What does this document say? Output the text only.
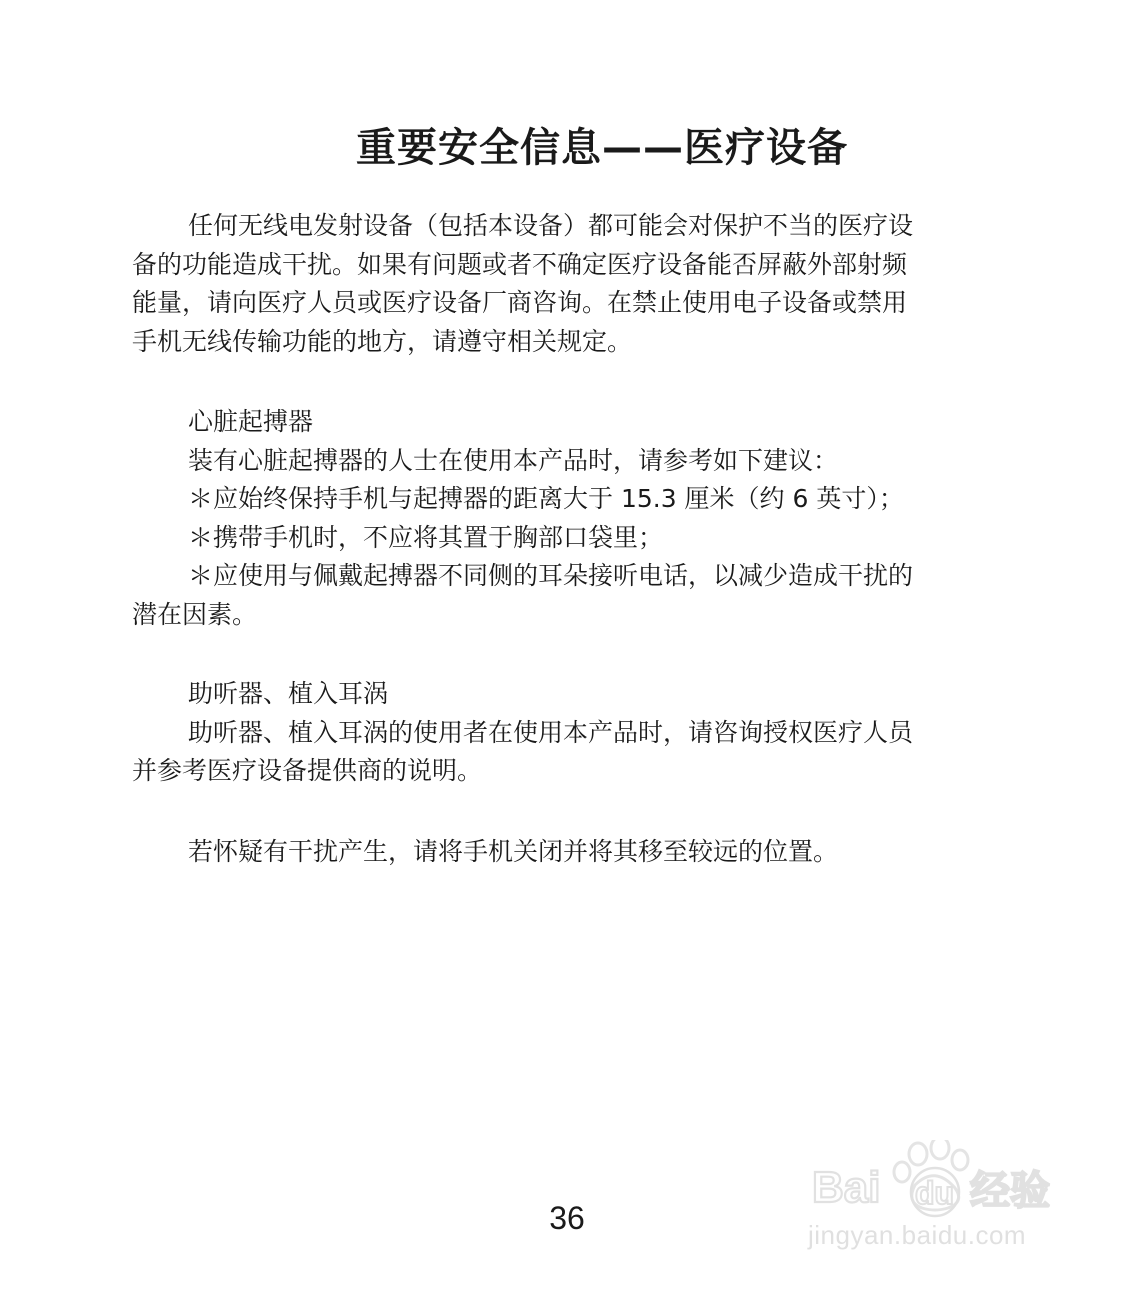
重要安全信息——医疗设备
任何无线电发射设备（包括本设备）都可能会对保护不当的医疗设
备的功能造成干扰。如果有问题或者不确定医疗设备能否屏蔽外部射频
能量，请向医疗人员或医疗设备厂商咨询。在禁止使用电子设备或禁用
手机无线传输功能的地方，请遵守相关规定。
心脏起搏器
装有心脏起搏器的人士在使用本产品时，请参考如下建议：
＊应始终保持手机与起搏器的距离大于 15.3 厘米（约 6 英寸）；
＊携带手机时，不应将其置于胸部口袋里；
＊应使用与佩戴起搏器不同侧的耳朵接听电话，以减少造成干扰的
潜在因素。
助听器、植入耳涡
助听器、植入耳涡的使用者在使用本产品时，请咨询授权医疗人员
并参考医疗设备提供商的说明。
若怀疑有干扰产生，请将手机关闭并将其移至较远的位置。
36
Bai du 经验
jingyan.baidu.com
